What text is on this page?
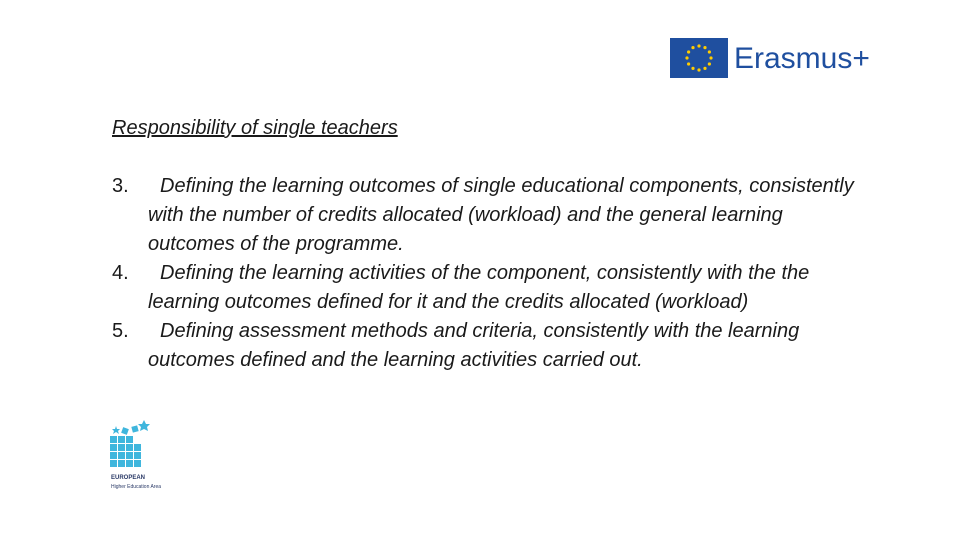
Erasmus+
Responsibility of single teachers
3.	Defining the learning outcomes of single educational components, consistently with the number of credits allocated (workload) and the general learning outcomes of the programme.
4.	Defining the learning activities of the component, consistently with the the learning outcomes defined for it and the credits allocated (workload)
5.	Defining assessment methods and criteria, consistently with the learning outcomes defined and the learning activities carried out.
EUROPEAN
Higher Education Area
